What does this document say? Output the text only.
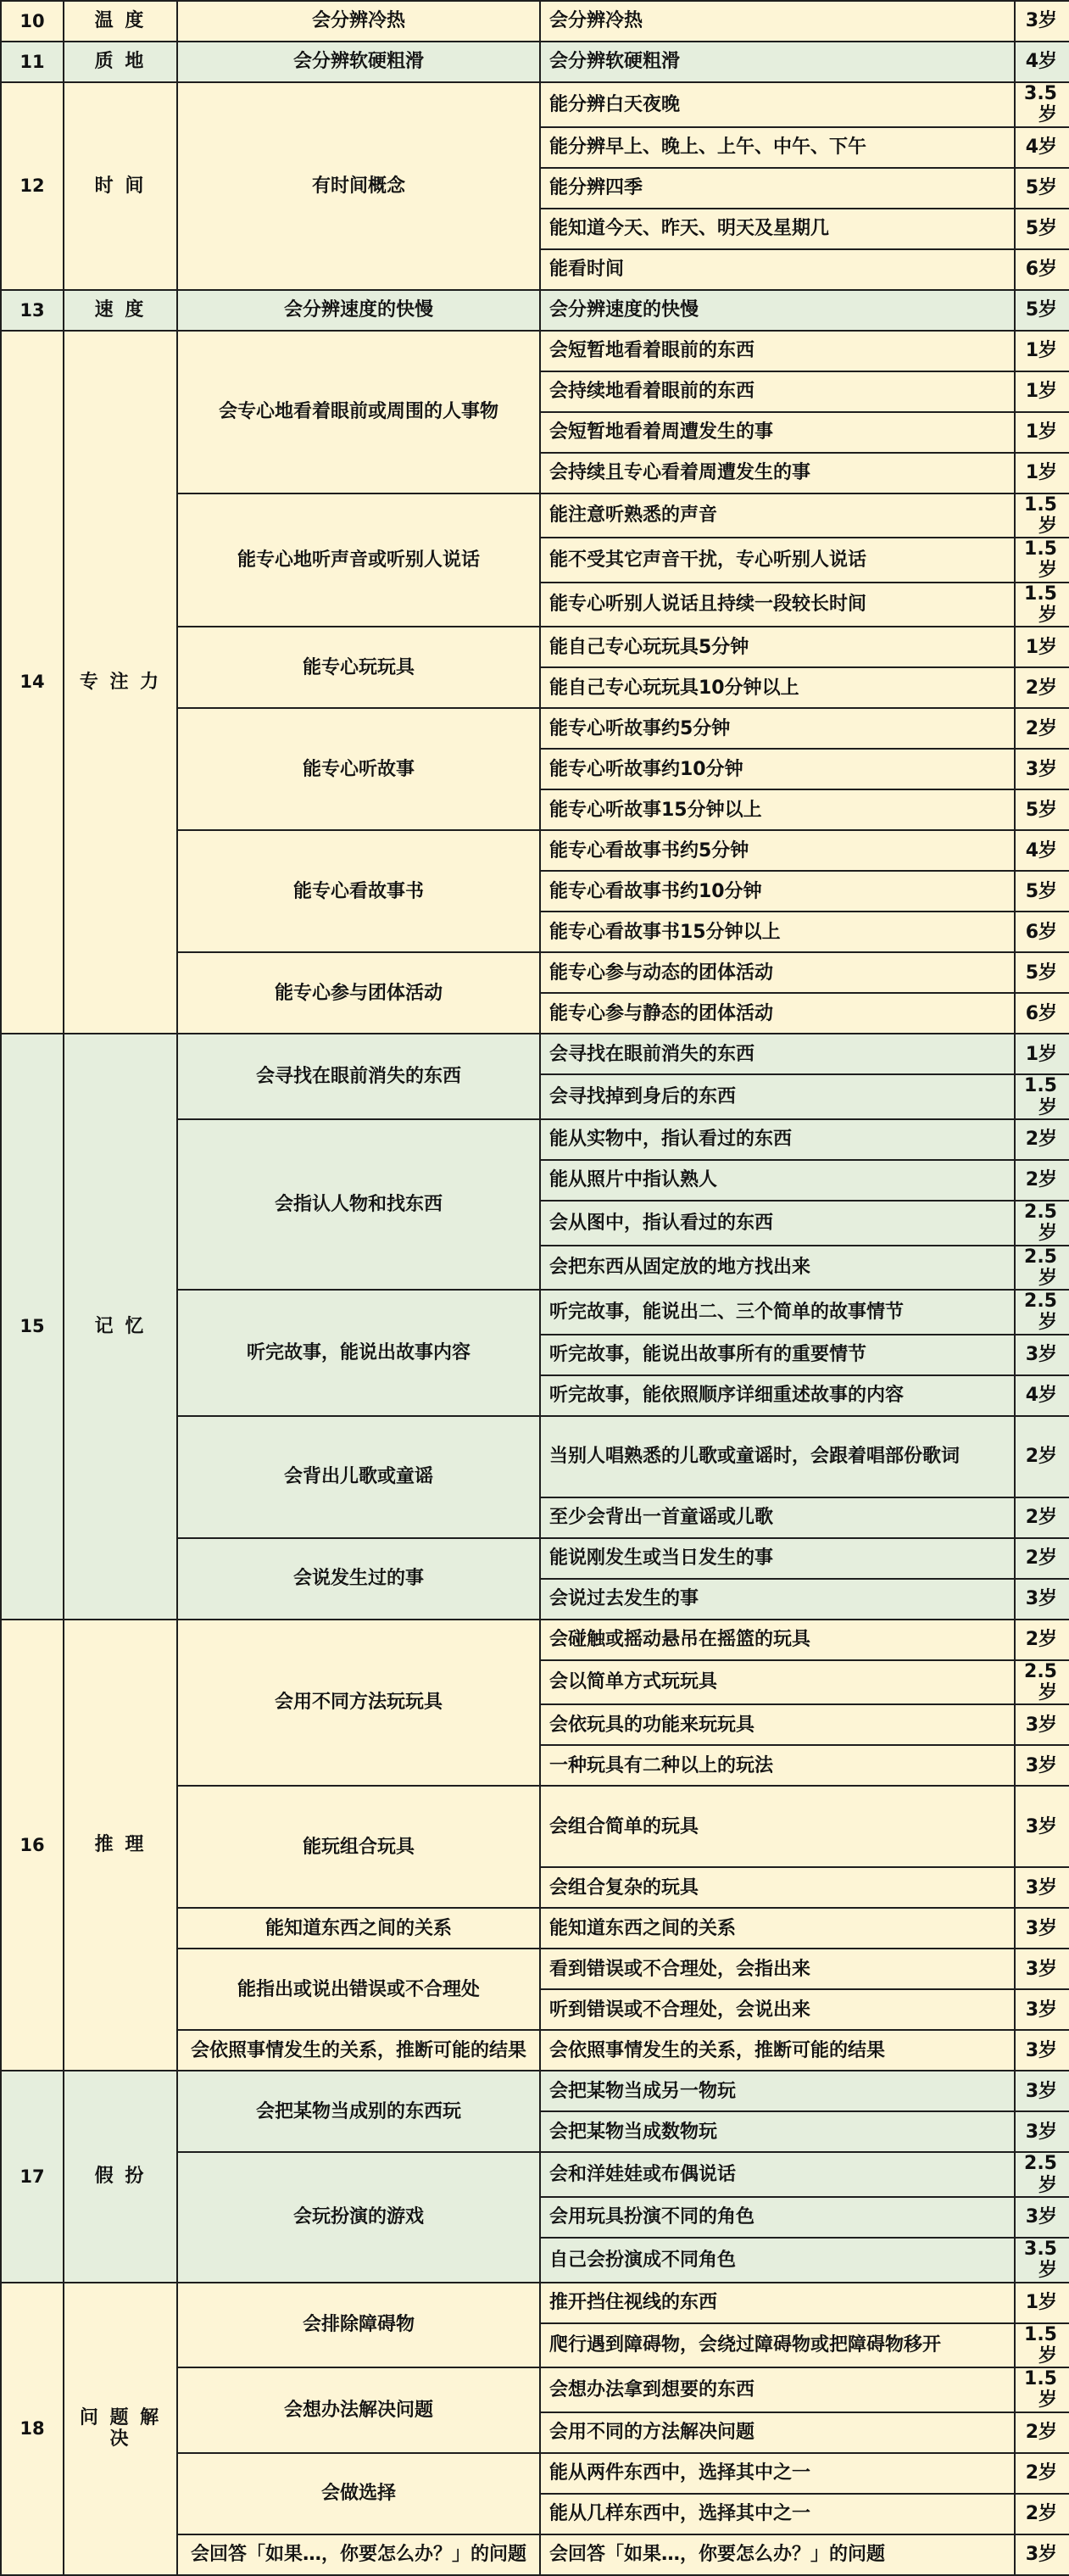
10	温 度	会分辨冷热	会分辨冷热	3岁
11	质 地	会分辨软硬粗滑	会分辨软硬粗滑	4岁
12	时 间	有时间概念	能分辨白天夜晚	3.5岁
			能分辨早上、晚上、上午、中午、下午	4岁
			能分辨四季	5岁
			能知道今天、昨天、明天及星期几	5岁
			能看时间	6岁
13	速 度	会分辨速度的快慢	会分辨速度的快慢	5岁
14	专 注 力	会专心地看着眼前或周围的人事物	会短暂地看着眼前的东西	1岁
			会持续地看着眼前的东西	1岁
			会短暂地看着周遭发生的事	1岁
			会持续且专心看着周遭发生的事	1岁
		能专心地听声音或听别人说话	能注意听熟悉的声音	1.5岁
			能不受其它声音干扰，专心听别人说话	1.5岁
			能专心听别人说话且持续一段较长时间	1.5岁
		能专心玩玩具	能自己专心玩玩具5分钟	1岁
			能自己专心玩玩具10分钟以上	2岁
		能专心听故事	能专心听故事约5分钟	2岁
			能专心听故事约10分钟	3岁
			能专心听故事15分钟以上	5岁
		能专心看故事书	能专心看故事书约5分钟	4岁
			能专心看故事书约10分钟	5岁
			能专心看故事书15分钟以上	6岁
		能专心参与团体活动	能专心参与动态的团体活动	5岁
			能专心参与静态的团体活动	6岁
15	记 忆	会寻找在眼前消失的东西	会寻找在眼前消失的东西	1岁
			会寻找掉到身后的东西	1.5岁
		会指认人物和找东西	能从实物中，指认看过的东西	2岁
			能从照片中指认熟人	2岁
			会从图中，指认看过的东西	2.5岁
			会把东西从固定放的地方找出来	2.5岁
		听完故事，能说出故事内容	听完故事，能说出二、三个简单的故事情节	2.5岁
			听完故事，能说出故事所有的重要情节	3岁
			听完故事，能依照顺序详细重述故事的内容	4岁
		会背出儿歌或童谣	当别人唱熟悉的儿歌或童谣时，会跟着唱部份歌词	2岁
			至少会背出一首童谣或儿歌	2岁
		会说发生过的事	能说刚发生或当日发生的事	2岁
			会说过去发生的事	3岁
16	推 理	会用不同方法玩玩具	会碰触或摇动悬吊在摇篮的玩具	2岁
			会以简单方式玩玩具	2.5岁
			会依玩具的功能来玩玩具	3岁
			一种玩具有二种以上的玩法	3岁
		能玩组合玩具	会组合简单的玩具	3岁
			会组合复杂的玩具	3岁
		能知道东西之间的关系	能知道东西之间的关系	3岁
		能指出或说出错误或不合理处	看到错误或不合理处，会指出来	3岁
			听到错误或不合理处，会说出来	3岁
		会依照事情发生的关系，推断可能的结果	会依照事情发生的关系，推断可能的结果	3岁
17	假 扮	会把某物当成别的东西玩	会把某物当成另一物玩	3岁
			会把某物当成数物玩	3岁
		会玩扮演的游戏	会和洋娃娃或布偶说话	2.5岁
			会用玩具扮演不同的角色	3岁
			自己会扮演成不同角色	3.5岁
18	问 题 解 决	会排除障碍物	推开挡住视线的东西	1岁
			爬行遇到障碍物，会绕过障碍物或把障碍物移开	1.5岁
		会想办法解决问题	会想办法拿到想要的东西	1.5岁
			会用不同的方法解决问题	2岁
		会做选择	能从两件东西中，选择其中之一	2岁
			能从几样东西中，选择其中之一	2岁
		会回答「如果…，你要怎么办？」的问题	会回答「如果…，你要怎么办？」的问题	3岁
